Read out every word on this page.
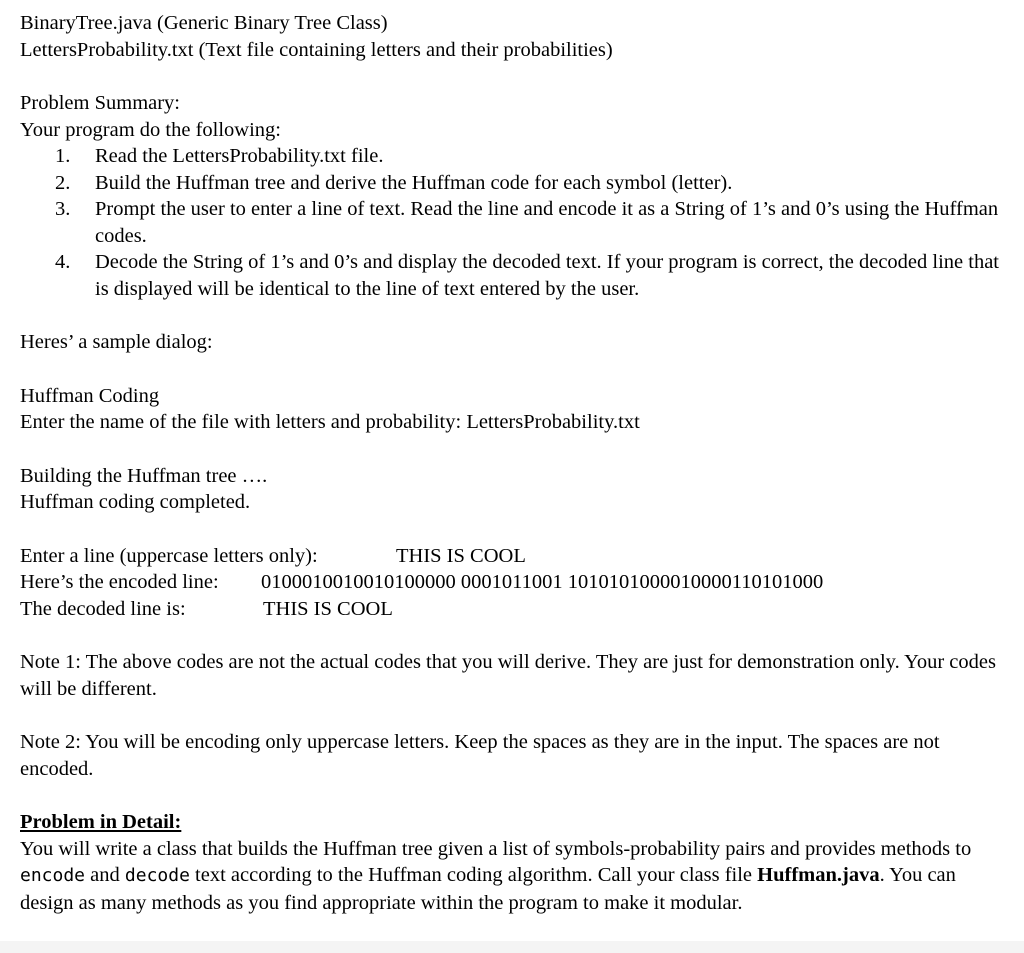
BinaryTree.java (Generic Binary Tree Class)
LettersProbability.txt (Text file containing letters and their probabilities)
Problem Summary:
Your program do the following:
1. Read the LettersProbability.txt file.
2. Build the Huffman tree and derive the Huffman code for each symbol (letter).
3. Prompt the user to enter a line of text. Read the line and encode it as a String of 1’s and 0’s using the Huffman codes.
4. Decode the String of 1’s and 0’s and display the decoded text. If your program is correct, the decoded line that is displayed will be identical to the line of text entered by the user.
Heres’ a sample dialog:
Huffman Coding
Enter the name of the file with letters and probability: LettersProbability.txt
Building the Huffman tree ….
Huffman coding completed.
Enter a line (uppercase letters only):	THIS IS COOL
Here’s the encoded line: 0100010010010100000 0001011001 1010101000010000110101000
The decoded line is:	THIS IS COOL
Note 1: The above codes are not the actual codes that you will derive. They are just for demonstration only. Your codes will be different.
Note 2: You will be encoding only uppercase letters. Keep the spaces as they are in the input. The spaces are not encoded.
Problem in Detail:
You will write a class that builds the Huffman tree given a list of symbols-probability pairs and provides methods to encode and decode text according to the Huffman coding algorithm. Call your class file Huffman.java. You can design as many methods as you find appropriate within the program to make it modular.
